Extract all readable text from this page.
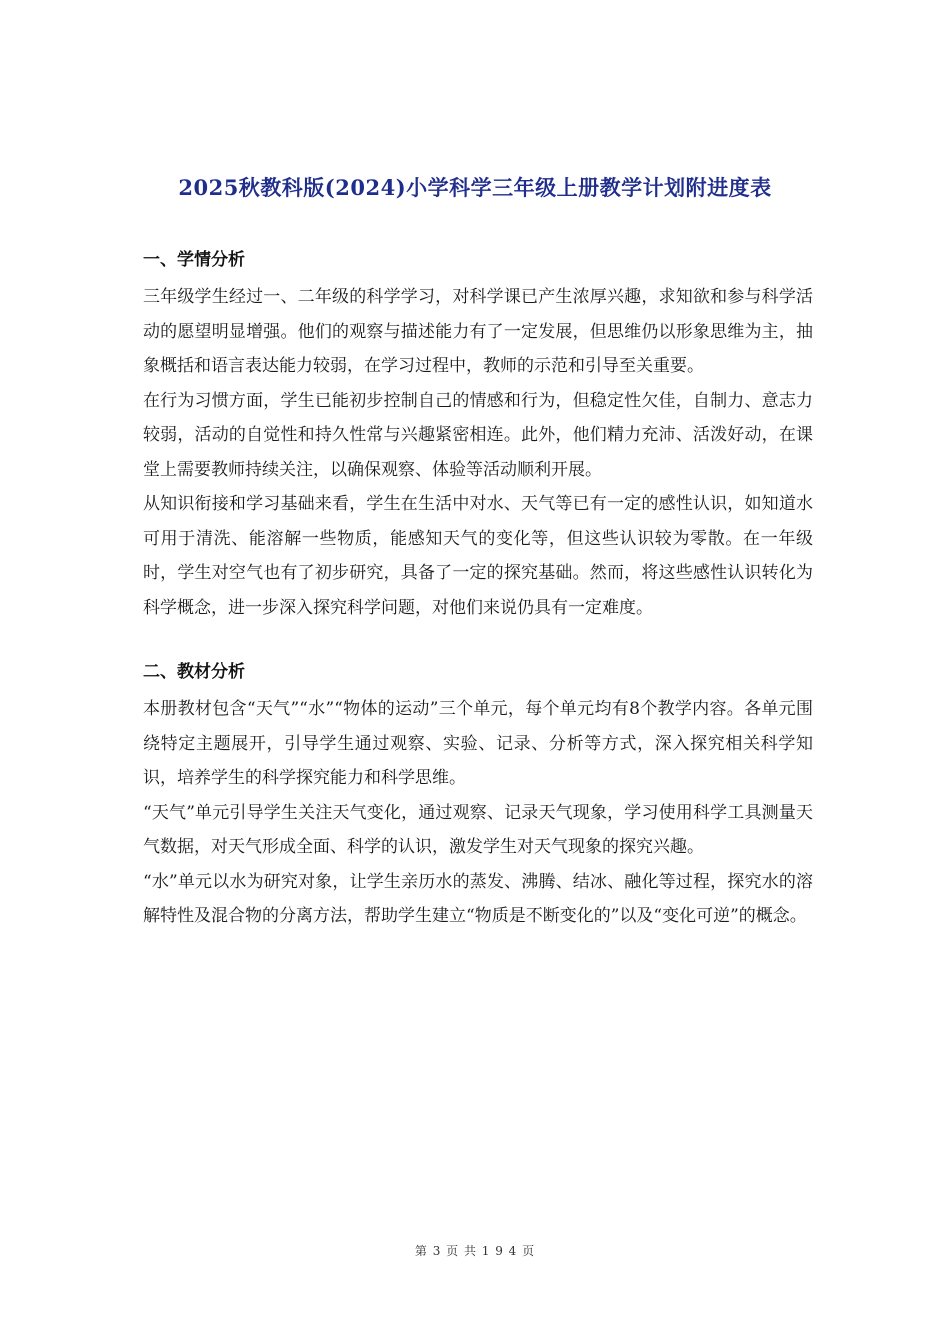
2025秋教科版(2024)小学科学三年级上册教学计划附进度表
一、学情分析

三年级学生经过一、二年级的科学学习，对科学课已产生浓厚兴趣，求知欲和参与科学活动的愿望明显增强。他们的观察与描述能力有了一定发展，但思维仍以形象思维为主，抽象概括和语言表达能力较弱，在学习过程中，教师的示范和引导至关重要。

在行为习惯方面，学生已能初步控制自己的情感和行为，但稳定性欠佳，自制力、意志力较弱，活动的自觉性和持久性常与兴趣紧密相连。此外，他们精力充沛、活泼好动，在课堂上需要教师持续关注，以确保观察、体验等活动顺利开展。

从知识衔接和学习基础来看，学生在生活中对水、天气等已有一定的感性认识，如知道水可用于清洗、能溶解一些物质，能感知天气的变化等，但这些认识较为零散。在一年级时，学生对空气也有了初步研究，具备了一定的探究基础。然而，将这些感性认识转化为科学概念，进一步深入探究科学问题，对他们来说仍具有一定难度。

二、教材分析

本册教材包含“天气”“水”“物体的运动”三个单元，每个单元均有8个教学内容。各单元围绕特定主题展开，引导学生通过观察、实验、记录、分析等方式，深入探究相关科学知识，培养学生的科学探究能力和科学思维。

“天气”单元引导学生关注天气变化，通过观察、记录天气现象，学习使用科学工具测量天气数据，对天气形成全面、科学的认识，激发学生对天气现象的探究兴趣。

“水”单元以水为研究对象，让学生亲历水的蒸发、沸腾、结冰、融化等过程，探究水的溶解特性及混合物的分离方法，帮助学生建立“物质是不断变化的”以及“变化可逆”的概念。

第 3 页 共 1 9 4 页
